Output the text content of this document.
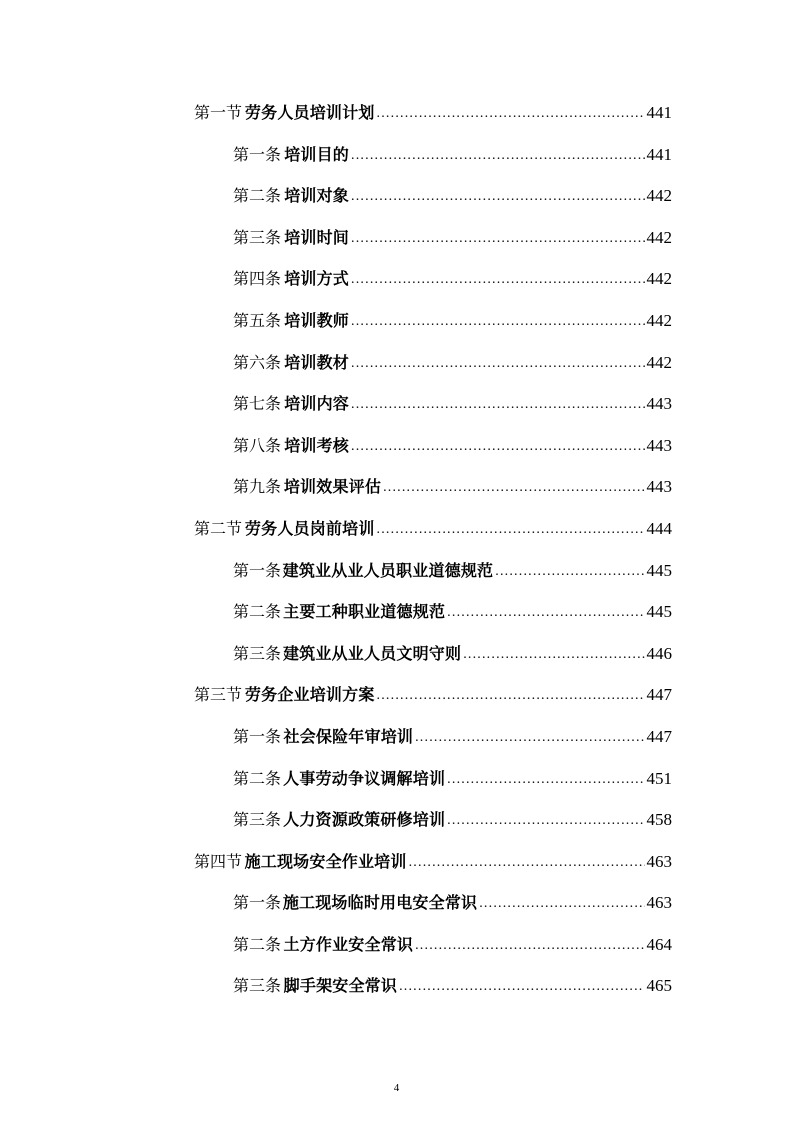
第一节 劳务人员培训计划 .....	441
第一条 培训目的 .....	441
第二条 培训对象 .....	442
第三条 培训时间 .....	442
第四条 培训方式 .....	442
第五条 培训教师 .....	442
第六条 培训教材 .....	442
第七条 培训内容 .....	443
第八条 培训考核 .....	443
第九条 培训效果评估 .....	443
第二节 劳务人员岗前培训 .....	444
第一条 建筑业从业人员职业道德规范 .....	445
第二条 主要工种职业道德规范 .....	445
第三条 建筑业从业人员文明守则 .....	446
第三节 劳务企业培训方案 .....	447
第一条 社会保险年审培训 .....	447
第二条 人事劳动争议调解培训 .....	451
第三条 人力资源政策研修培训 .....	458
第四节 施工现场安全作业培训 .....	463
第一条 施工现场临时用电安全常识 .....	463
第二条 土方作业安全常识 .....	464
第三条 脚手架安全常识 .....	465
4
